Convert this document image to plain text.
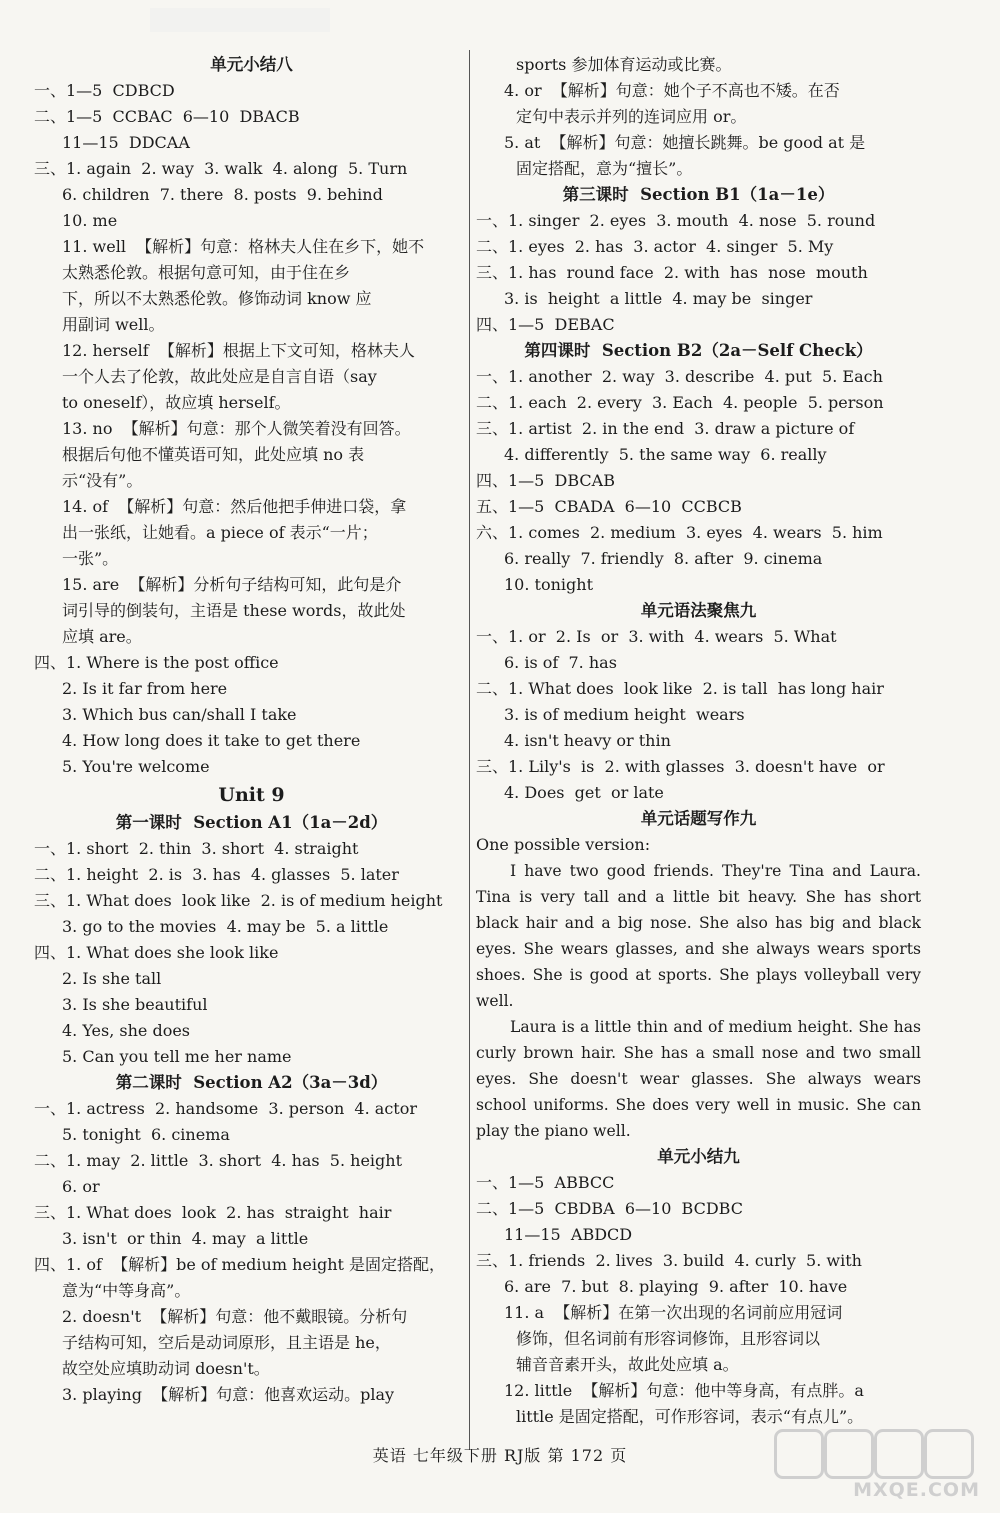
单元小结八
一、1—5  CDBCD
二、1—5  CCBAC  6—10  DBACB
11—15  DDCAA
三、1. again  2. way  3. walk  4. along  5. Turn
6. children  7. there  8. posts  9. behind
10. me
11. well  【解析】句意：格林夫人住在乡下，她不
太熟悉伦敦。根据句意可知，由于住在乡
下，所以不太熟悉伦敦。修饰动词 know 应
用副词 well。
12. herself  【解析】根据上下文可知，格林夫人
一个人去了伦敦，故此处应是自言自语（say
to oneself），故应填 herself。
13. no  【解析】句意：那个人微笑着没有回答。
根据后句他不懂英语可知，此处应填 no 表
示“没有”。
14. of  【解析】句意：然后他把手伸进口袋，拿
出一张纸，让她看。a piece of 表示“一片；
一张”。
15. are  【解析】分析句子结构可知，此句是介
词引导的倒装句，主语是 these words，故此处
应填 are。
四、1. Where is the post office
2. Is it far from here
3. Which bus can/shall I take
4. How long does it take to get there
5. You're welcome
Unit 9
第一课时  Section A1（1a－2d）
一、1. short  2. thin  3. short  4. straight
二、1. height  2. is  3. has  4. glasses  5. later
三、1. What does  look like  2. is of medium height
3. go to the movies  4. may be  5. a little
四、1. What does she look like
2. Is she tall
3. Is she beautiful
4. Yes, she does
5. Can you tell me her name
第二课时  Section A2（3a－3d）
一、1. actress  2. handsome  3. person  4. actor
5. tonight  6. cinema
二、1. may  2. little  3. short  4. has  5. height
6. or
三、1. What does  look  2. has  straight  hair
3. isn't  or thin  4. may  a little
四、1. of  【解析】be of medium height 是固定搭配，
意为“中等身高”。
2. doesn't  【解析】句意：他不戴眼镜。分析句
子结构可知，空后是动词原形，且主语是 he，
故空处应填助动词 doesn't。
3. playing  【解析】句意：他喜欢运动。play
sports 参加体育运动或比赛。
4. or  【解析】句意：她个子不高也不矮。在否
定句中表示并列的连词应用 or。
5. at  【解析】句意：她擅长跳舞。be good at 是
固定搭配，意为“擅长”。
第三课时  Section B1（1a－1e）
一、1. singer  2. eyes  3. mouth  4. nose  5. round
二、1. eyes  2. has  3. actor  4. singer  5. My
三、1. has  round face  2. with  has  nose  mouth
3. is  height  a little  4. may be  singer
四、1—5  DEBAC
第四课时  Section B2（2a－Self Check）
一、1. another  2. way  3. describe  4. put  5. Each
二、1. each  2. every  3. Each  4. people  5. person
三、1. artist  2. in the end  3. draw a picture of
4. differently  5. the same way  6. really
四、1—5  DBCAB
五、1—5  CBADA  6—10  CCBCB
六、1. comes  2. medium  3. eyes  4. wears  5. him
6. really  7. friendly  8. after  9. cinema
10. tonight
单元语法聚焦九
一、1. or  2. Is  or  3. with  4. wears  5. What
6. is of  7. has
二、1. What does  look like  2. is tall  has long hair
3. is of medium height  wears
4. isn't heavy or thin
三、1. Lily's  is  2. with glasses  3. doesn't have  or
4. Does  get  or late
单元话题写作九
One possible version:
I have two good friends. They're Tina and Laura. Tina is very tall and a little bit heavy. She has short black hair and a big nose. She also has big and black eyes. She wears glasses, and she always wears sports shoes. She is good at sports. She plays volleyball very well.
Laura is a little thin and of medium height. She has curly brown hair. She has a small nose and two small eyes. She doesn't wear glasses. She always wears school uniforms. She does very well in music. She can play the piano well.
单元小结九
一、1—5  ABBCC
二、1—5  CBDBA  6—10  BCDBC
11—15  ABDCD
三、1. friends  2. lives  3. build  4. curly  5. with
6. are  7. but  8. playing  9. after  10. have
11. a  【解析】在第一次出现的名词前应用冠词
修饰，但名词前有形容词修饰，且形容词以
辅音音素开头，故此处应填 a。
12. little  【解析】句意：他中等身高，有点胖。a
little 是固定搭配，可作形容词，表示“有点儿”。
英语 七年级下册 RJ版 第 172 页
MXQE.COM
